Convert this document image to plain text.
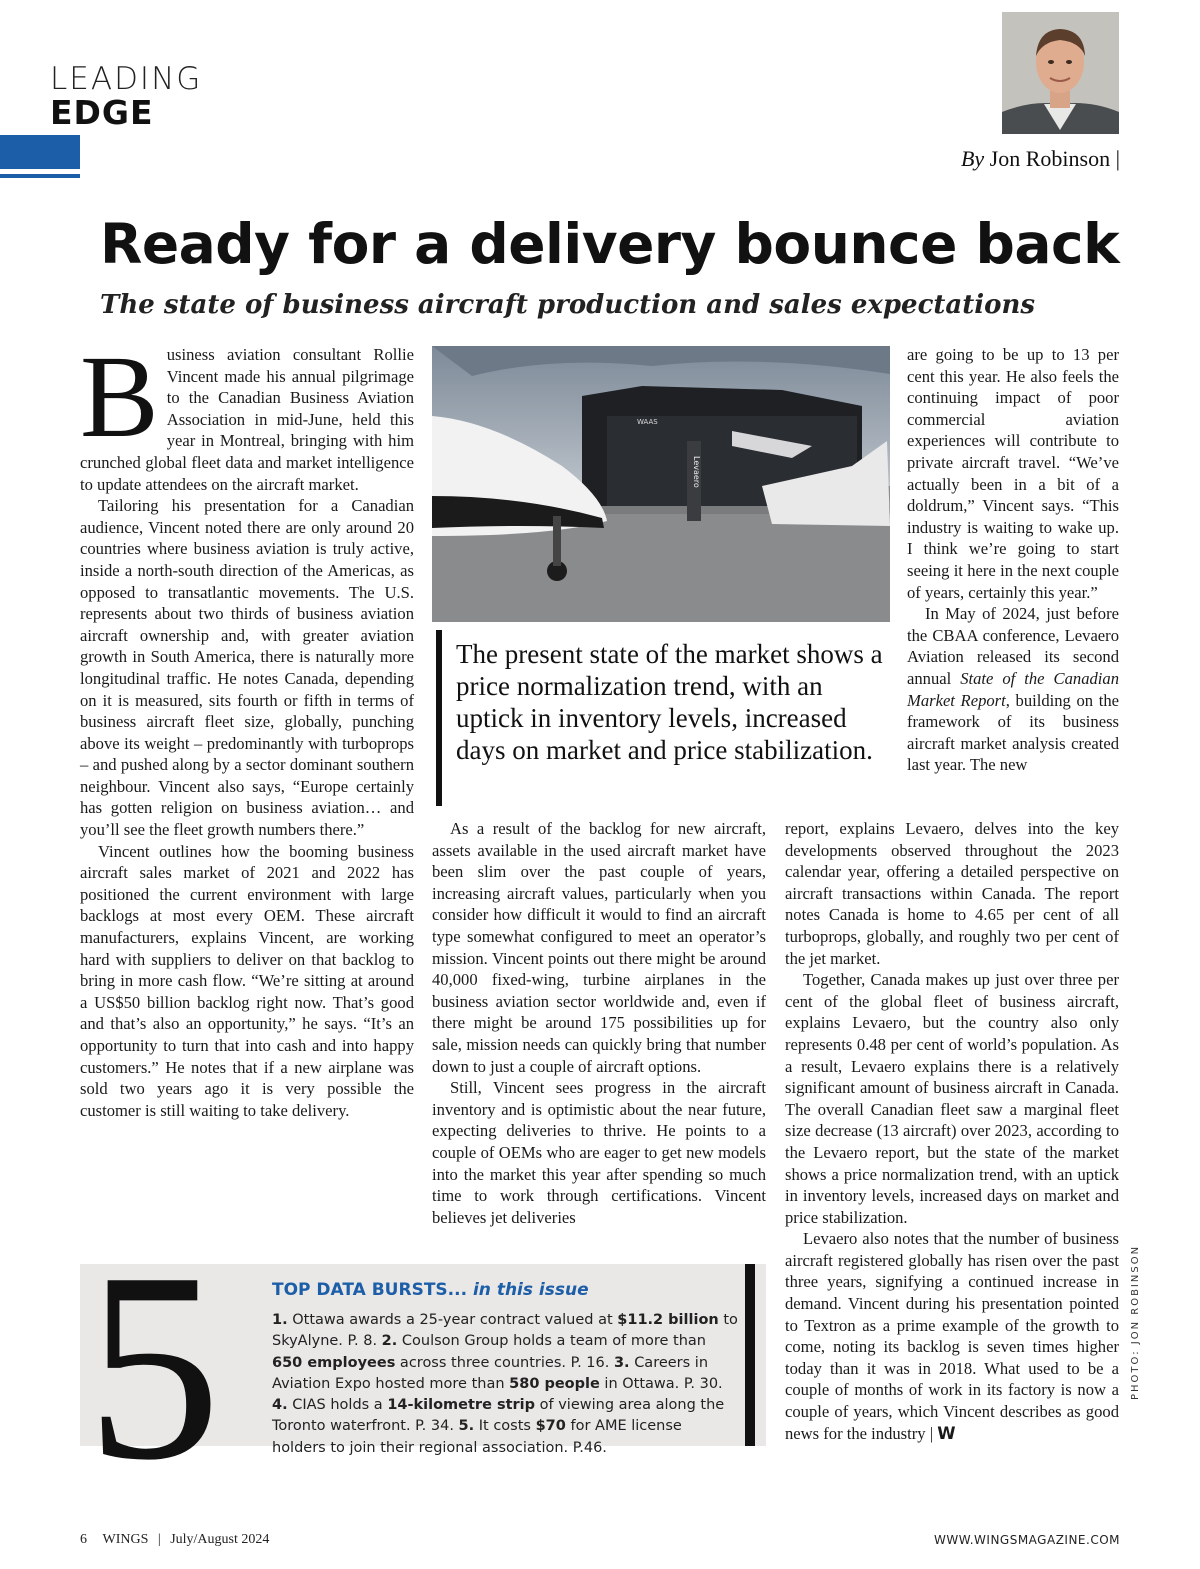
LEADING
EDGE
By Jon Robinson |
Ready for a delivery bounce back
The state of business aircraft production and sales expectations

Business aviation consultant Rollie Vincent made his annual pilgrimage to the Canadian Business Aviation Association in mid-June, held this year in Montreal, bringing with him crunched global fleet data and market intelligence to update attendees on the aircraft market.

Tailoring his presentation for a Canadian audience, Vincent noted there are only around 20 countries where business aviation is truly active, inside a north-south direction of the Americas, as opposed to transatlantic movements. The U.S. represents about two thirds of business aviation aircraft ownership and, with greater aviation growth in South America, there is naturally more longitudinal traffic. He notes Canada, depending on it is measured, sits fourth or fifth in terms of business aircraft fleet size, globally, punching above its weight – predominantly with turboprops – and pushed along by a sector dominant southern neighbour. Vincent also says, “Europe certainly has gotten religion on business aviation… and you’ll see the fleet growth numbers there.”

Vincent outlines how the booming business aircraft sales market of 2021 and 2022 has positioned the current environment with large backlogs at most every OEM. These aircraft manufacturers, explains Vincent, are working hard with suppliers to deliver on that backlog to bring in more cash flow. “We’re sitting at around a US$50 billion backlog right now. That’s good and that’s also an opportunity,” he says. “It’s an opportunity to turn that into cash and into happy customers.” He notes that if a new airplane was sold two years ago it is very possible the customer is still waiting to take delivery.

WAAS
Levaero
The present state of the market shows a price normalization trend, with an uptick in inventory levels, increased days on market and price stabilization.

As a result of the backlog for new aircraft, assets available in the used aircraft market have been slim over the past couple of years, increasing aircraft values, particularly when you consider how difficult it would to find an aircraft type somewhat configured to meet an operator’s mission. Vincent points out there might be around 40,000 fixed-wing, turbine airplanes in the business aviation sector worldwide and, even if there might be around 175 possibilities up for sale, mission needs can quickly bring that number down to just a couple of aircraft options.

Still, Vincent sees progress in the aircraft inventory and is optimistic about the near future, expecting deliveries to thrive. He points to a couple of OEMs who are eager to get new models into the market this year after spending so much time to work through certifications. Vincent believes jet deliveries

are going to be up to 13 per cent this year. He also feels the continuing impact of poor commercial aviation experiences will contribute to private aircraft travel. “We’ve actually been in a bit of a doldrum,” Vincent says. “This industry is waiting to wake up. I think we’re going to start seeing it here in the next couple of years, certainly this year.”

In May of 2024, just before the CBAA conference, Levaero Aviation released its second annual State of the Canadian Market Report, building on the framework of its business aircraft market analysis created last year. The new

report, explains Levaero, delves into the key developments observed throughout the 2023 calendar year, offering a detailed perspective on aircraft transactions within Canada. The report notes Canada is home to 4.65 per cent of all turboprops, globally, and roughly two per cent of the jet market.

Together, Canada makes up just over three per cent of the global fleet of business aircraft, explains Levaero, but the country also only represents 0.48 per cent of world’s population. As a result, Levaero explains there is a relatively significant amount of business aircraft in Canada. The overall Canadian fleet saw a marginal fleet size decrease (13 aircraft) over 2023, according to the Levaero report, but the state of the market shows a price normalization trend, with an uptick in inventory levels, increased days on market and price stabilization.

Levaero also notes that the number of business aircraft registered globally has risen over the past three years, signifying a continued increase in demand. Vincent during his presentation pointed to Textron as a prime example of the growth to come, noting its backlog is seven times higher today than it was in 2018. What used to be a couple of months of work in its factory is now a couple of years, which Vincent describes as good news for the industry | W

5	TOP DATA BURSTS... in this issue
1. Ottawa awards a 25-year contract valued at $11.2 billion to SkyAlyne. P. 8. 2. Coulson Group holds a team of more than 650 employees across three countries. P. 16. 3. Careers in Aviation Expo hosted more than 580 people in Ottawa. P. 30. 4. CIAS holds a 14-kilometre strip of viewing area along the Toronto waterfront. P. 34. 5. It costs $70 for AME license holders to join their regional association. P.46.
PHOTO: JON ROBINSON
6 WINGS | July/August 2024	WWW.WINGSMAGAZINE.COM
